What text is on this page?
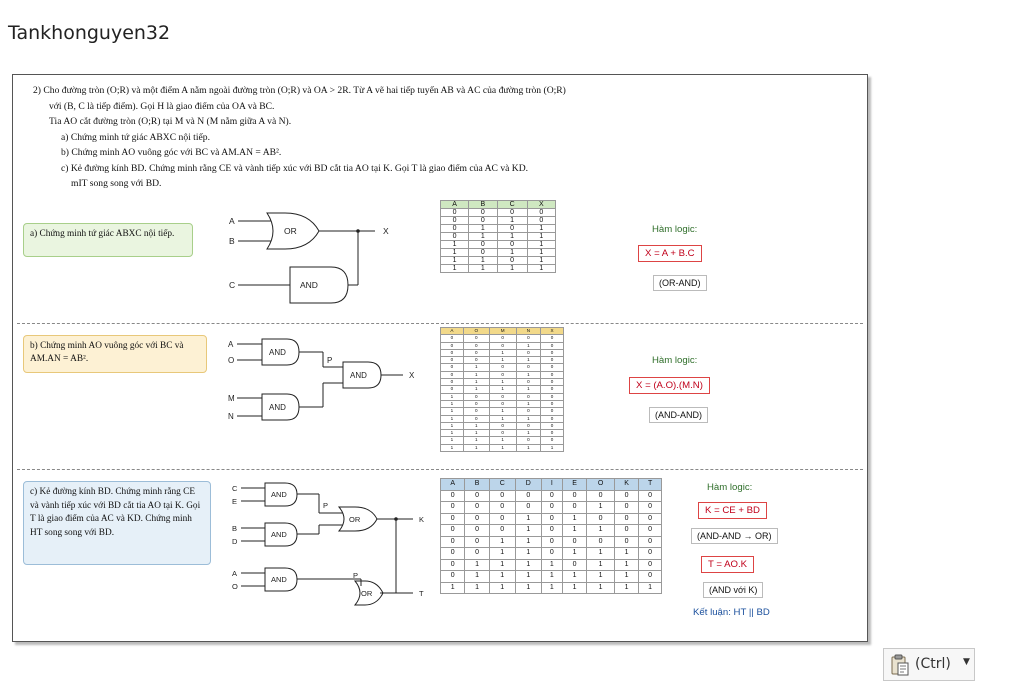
Tankhonguyen32
2) Cho đường tròn (O;R) và một điểm A nằm ngoài đường tròn (O;R) và OA > 2R. Từ A vẽ hai tiếp tuyến AB và AC của đường tròn (O;R)
với (B, C là tiếp điểm). Gọi H là giao điểm của OA và BC.
Tia AO cắt đường tròn (O;R) tại M và N (M nằm giữa A và N).
a) Chứng minh tứ giác ABXC nội tiếp.
b) Chứng minh AO vuông góc với BC và AM.AN = AB².
c) Kẻ đường kính BD. Chứng minh rằng CE và vành tiếp xúc với BD cắt tia AO tại K. Gọi T là giao điểm của AC và KD.
mIT song song với BD.
a) Chứng minh tứ giác ABXC nội tiếp.
A
B
C
X
OR
AND
A	B	C	X
0	0	0	0
0	0	1	0
0	1	0	1
0	1	1	1
1	0	0	1
1	0	1	1
1	1	0	1
1	1	1	1
Hàm logic:
X = A + B.C
(OR-AND)
b) Chứng minh AO vuông góc với BC và AM.AN = AB².
A
O
M
N
P
X
AND
AND
AND
A	O	M	N	X
0	0	0	0	0
0	0	0	1	0
0	0	1	0	0
0	0	1	1	0
0	1	0	0	0
0	1	0	1	0
0	1	1	0	0
0	1	1	1	0
1	0	0	0	0
1	0	0	1	0
1	0	1	0	0
1	0	1	1	0
1	1	0	0	0
1	1	0	1	0
1	1	1	0	0
1	1	1	1	1
Hàm logic:
X = (A.O).(M.N)
(AND-AND)
c) Kẻ đường kính BD. Chứng minh rằng CE và vành tiếp xúc với BD cắt tia AO tại K. Gọi T là giao điểm của AC và KD. Chứng minh HT song song với BD.
C
E
B
D
A
O
P
P
K
T
AND
AND
OR
AND
OR
A	B	C	D	I	E	O	K	T
0	0	0	0	0	0	0	0	0
0	0	0	0	0	0	1	0	0
0	0	0	1	0	1	0	0	0
0	0	0	1	0	1	1	0	0
0	0	1	1	0	0	0	0	0
0	0	1	1	0	1	1	1	0
0	1	1	1	1	0	1	1	0
0	1	1	1	1	1	1	1	0
1	1	1	1	1	1	1	1	1
Hàm logic:
K = CE + BD
(AND-AND → OR)
T = AO.K
(AND với K)
Kết luận: HT || BD
(Ctrl) ▼
